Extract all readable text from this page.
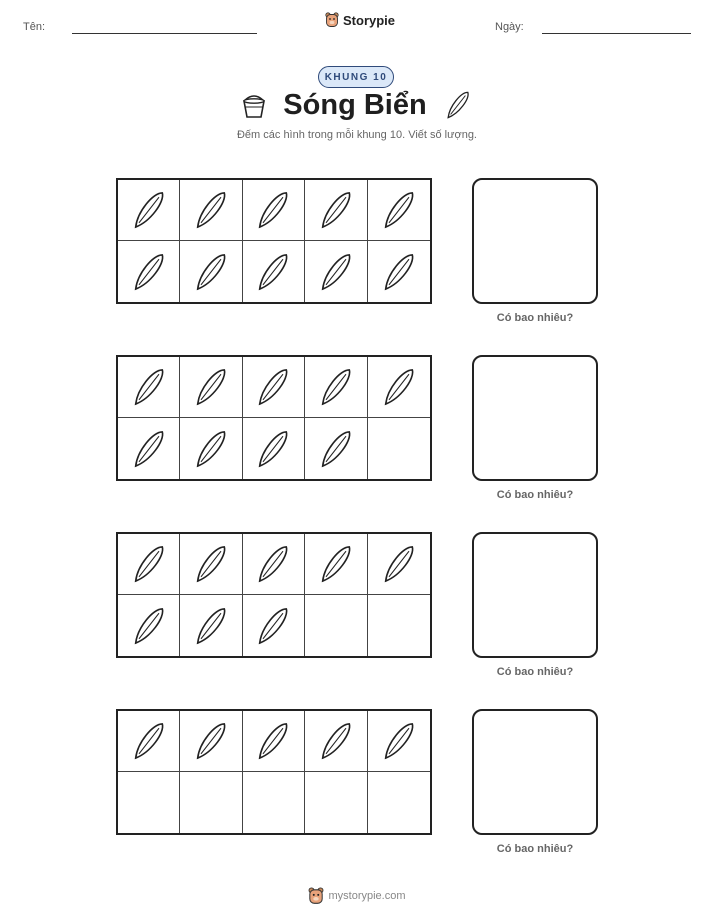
Tên:	Storypie	Ngày:
KHUNG 10
Sóng Biển
Đếm các hình trong mỗi khung 10. Viết số lượng.
Có bao nhiêu?
Có bao nhiêu?
Có bao nhiêu?
Có bao nhiêu?
mystorypie.com
